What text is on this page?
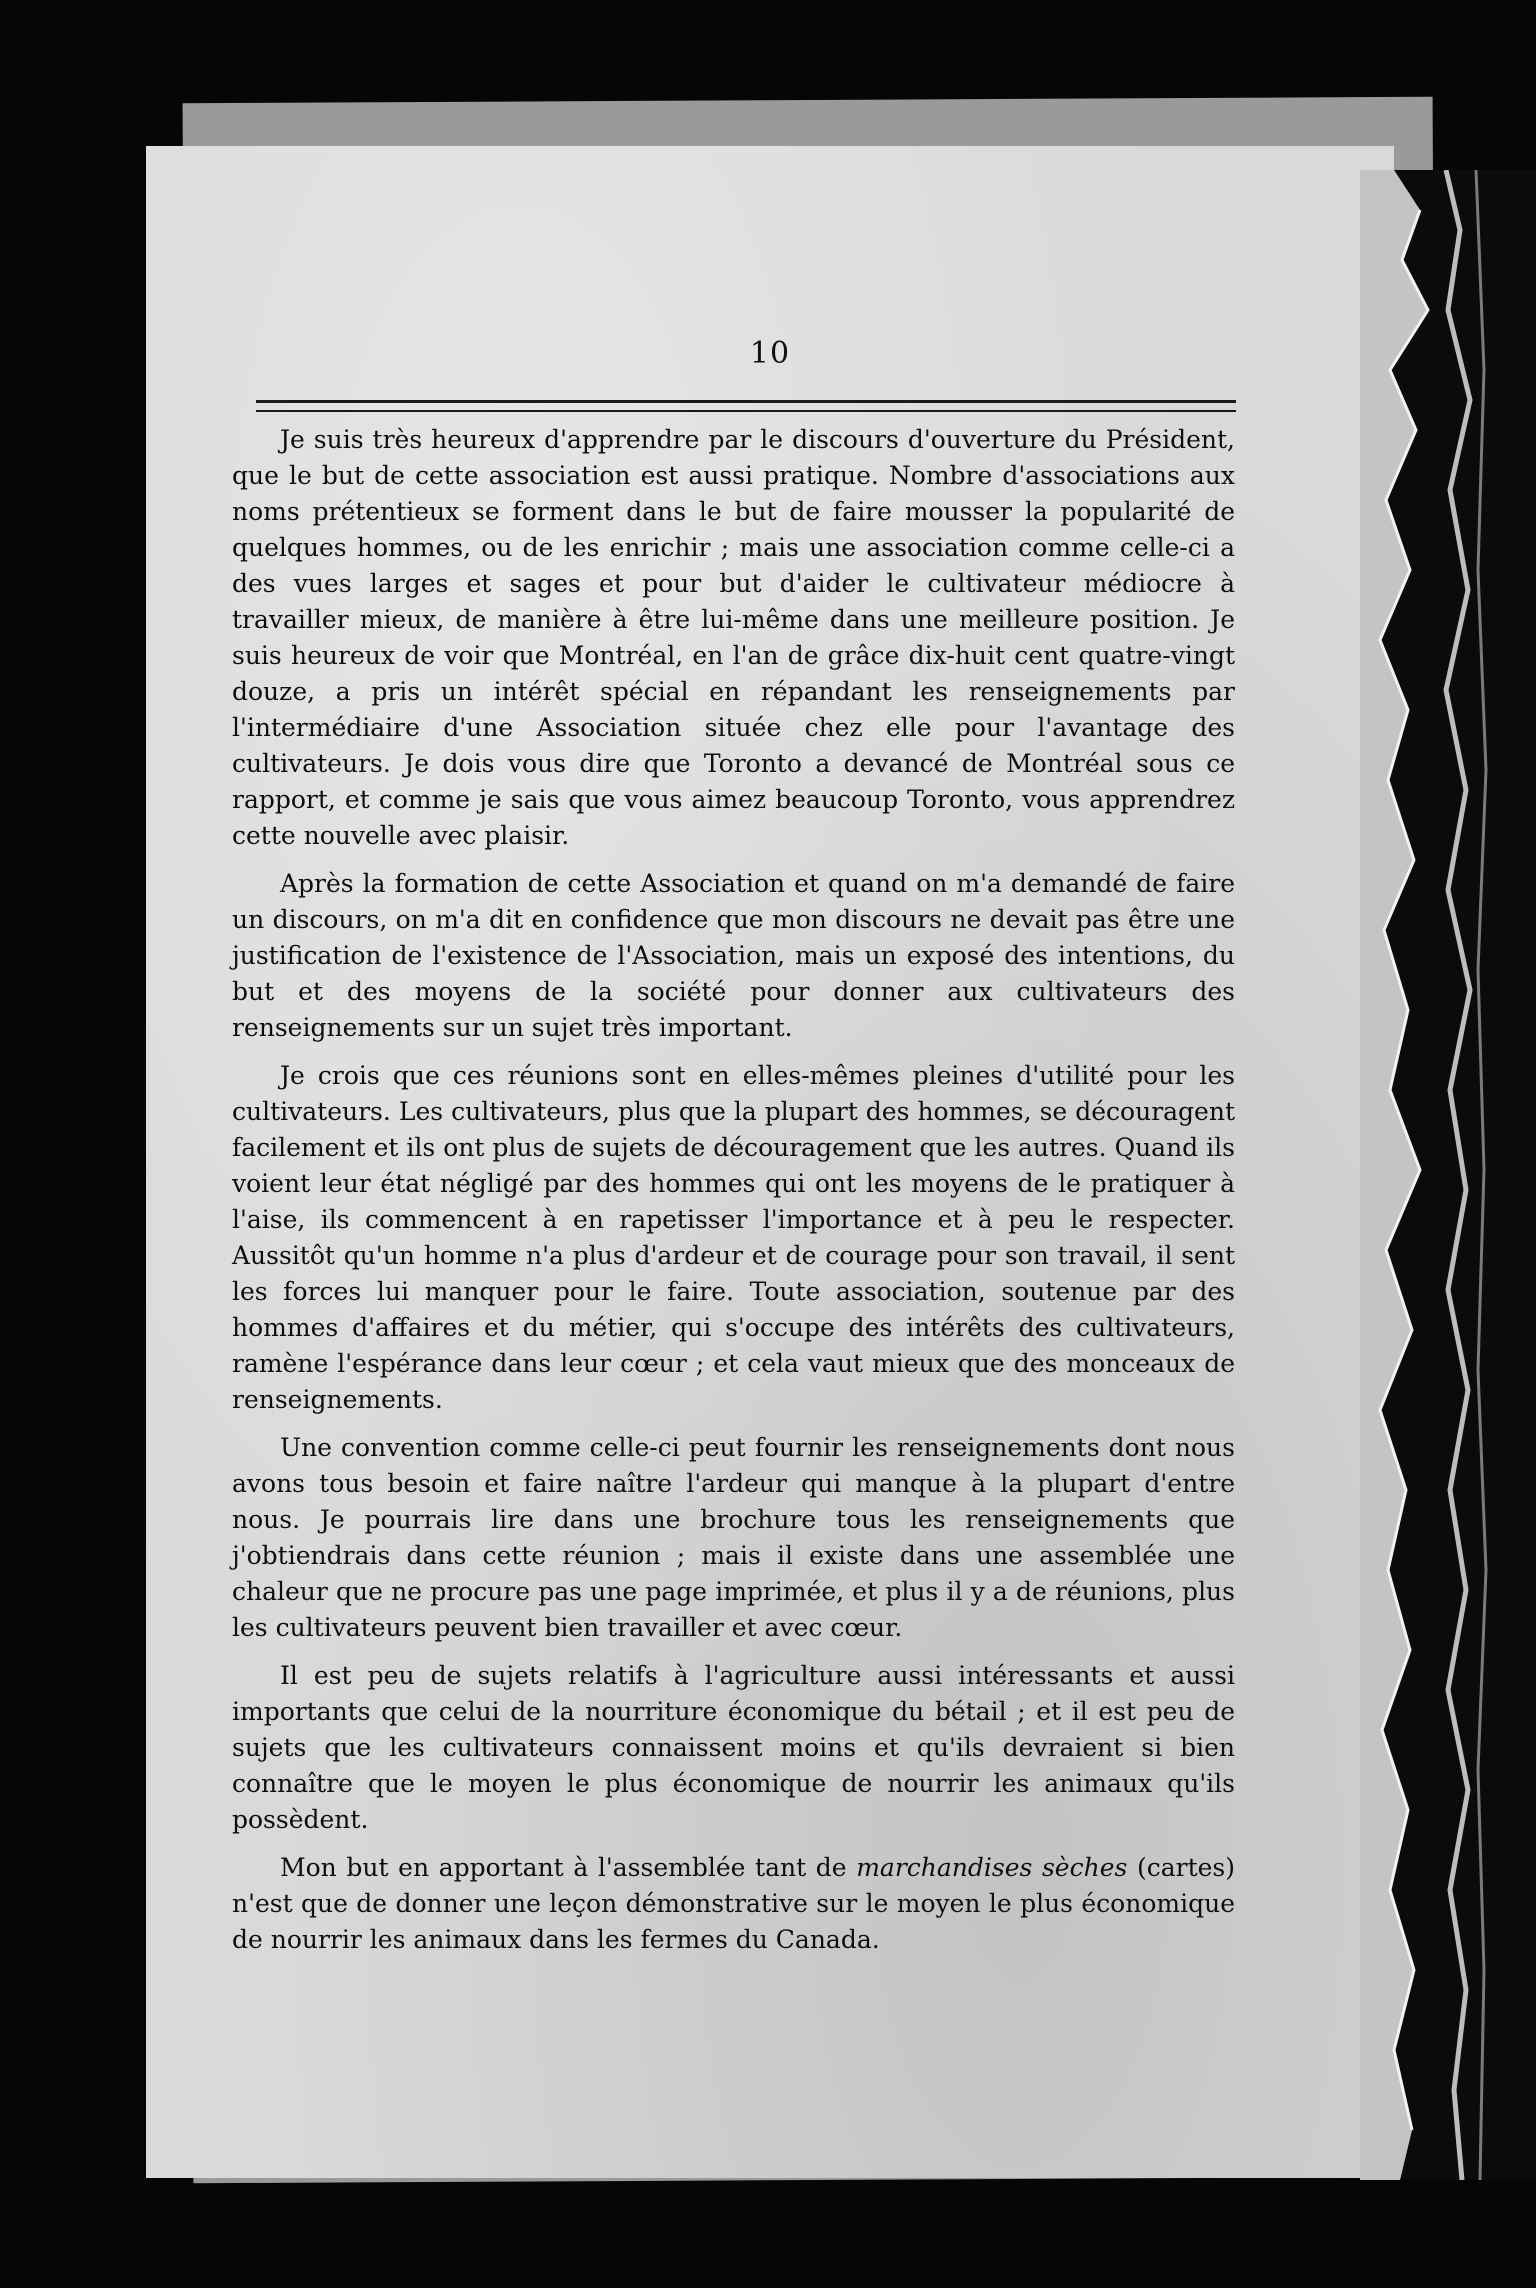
10

Je suis très heureux d'apprendre par le discours d'ouverture du Président, que le but de cette association est aussi pratique. Nombre d'associations aux noms prétentieux se forment dans le but de faire mousser la popularité de quelques hommes, ou de les enrichir ; mais une association comme celle-ci a des vues larges et sages et pour but d'aider le cultivateur médiocre à travailler mieux, de manière à être lui-même dans une meilleure position. Je suis heureux de voir que Montréal, en l'an de grâce dix-huit cent quatre-vingt douze, a pris un intérêt spécial en répandant les renseignements par l'intermédiaire d'une Association située chez elle pour l'avantage des cultivateurs. Je dois vous dire que Toronto a devancé de Montréal sous ce rapport, et comme je sais que vous aimez beaucoup Toronto, vous apprendrez cette nouvelle avec plaisir.

Après la formation de cette Association et quand on m'a demandé de faire un discours, on m'a dit en confidence que mon discours ne devait pas être une justification de l'existence de l'Association, mais un exposé des intentions, du but et des moyens de la société pour donner aux cultivateurs des renseignements sur un sujet très important.

Je crois que ces réunions sont en elles-mêmes pleines d'utilité pour les cultivateurs. Les cultivateurs, plus que la plupart des hommes, se découragent facilement et ils ont plus de sujets de découragement que les autres. Quand ils voient leur état négligé par des hommes qui ont les moyens de le pratiquer à l'aise, ils commencent à en rapetisser l'importance et à peu le respecter. Aussitôt qu'un homme n'a plus d'ardeur et de courage pour son travail, il sent les forces lui manquer pour le faire. Toute association, soutenue par des hommes d'affaires et du métier, qui s'occupe des intérêts des cultivateurs, ramène l'espérance dans leur cœur ; et cela vaut mieux que des monceaux de renseignements.

Une convention comme celle-ci peut fournir les renseignements dont nous avons tous besoin et faire naître l'ardeur qui manque à la plupart d'entre nous. Je pourrais lire dans une brochure tous les renseignements que j'obtiendrais dans cette réunion ; mais il existe dans une assemblée une chaleur que ne procure pas une page imprimée, et plus il y a de réunions, plus les cultivateurs peuvent bien travailler et avec cœur.

Il est peu de sujets relatifs à l'agriculture aussi intéressants et aussi importants que celui de la nourriture économique du bétail ; et il est peu de sujets que les cultivateurs connaissent moins et qu'ils devraient si bien connaître que le moyen le plus économique de nourrir les animaux qu'ils possèdent.

Mon but en apportant à l'assemblée tant de marchandises sèches (cartes) n'est que de donner une leçon démonstrative sur le moyen le plus économique de nourrir les animaux dans les fermes du Canada.
